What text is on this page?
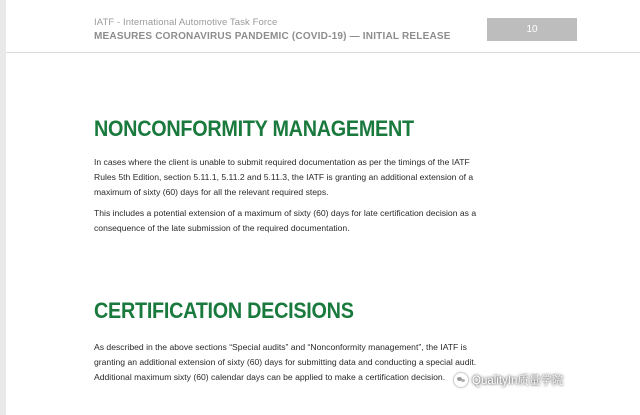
IATF - International Automotive Task Force
MEASURES CORONAVIRUS PANDEMIC (COVID-19) — INITIAL RELEASE
10
NONCONFORMITY MANAGEMENT

In cases where the client is unable to submit required documentation as per the timings of the IATF Rules 5th Edition, section 5.11.1, 5.11.2 and 5.11.3, the IATF is granting an additional extension of a maximum of sixty (60) days for all the relevant required steps.

This includes a potential extension of a maximum of sixty (60) days for late certification decision as a consequence of the late submission of the required documentation.

CERTIFICATION DECISIONS

As described in the above sections “Special audits” and “Nonconformity management”, the IATF is granting an additional extension of sixty (60) days for submitting data and conducting a special audit. Additional maximum sixty (60) calendar days can be applied to make a certification decision.	QualityIn质量学院
